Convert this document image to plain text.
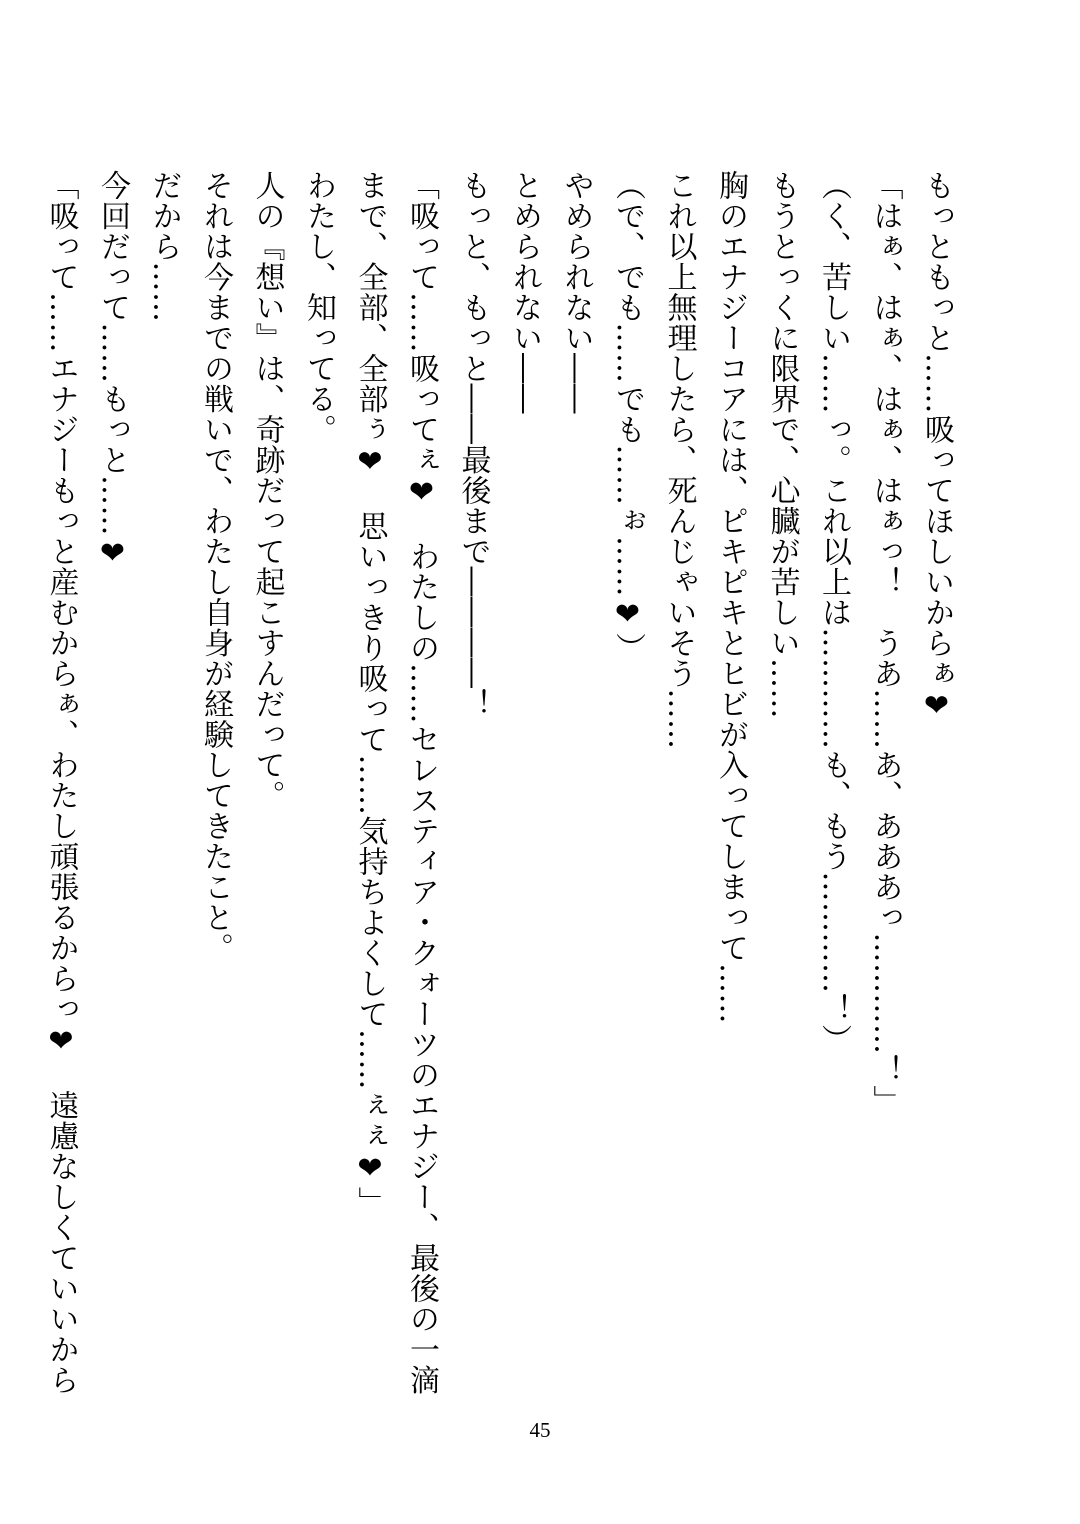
もっともっと……吸ってほしいからぁ❤
「はぁ、はぁ、はぁ、はぁっ！　うあ……あ、あああっ…………！」
（く、苦しい……っ。これ以上は…………も、もう…………！）
もうとっくに限界で、心臓が苦しい……
胸のエナジーコアには、ピキピキとヒビが入ってしまって……
これ以上無理したら、死んじゃいそう……
（で、でも……でも……ぉ……❤）
やめられない――
とめられない――
もっと、もっと――最後まで――――！
「吸って……吸ってぇ❤　わたしの……セレスティア・クォーツのエナジー、最後の一滴
まで、全部、全部ぅ❤　思いっきり吸って……気持ちよくして……ぇぇ❤」
わたし、知ってる。
人の『想い』は、奇跡だって起こすんだって。
それは今までの戦いで、わたし自身が経験してきたこと。
だから……
今回だって……もっと……❤
「吸って……エナジーもっと産むからぁ、わたし頑張るからっ❤　遠慮なしくていいから
45
